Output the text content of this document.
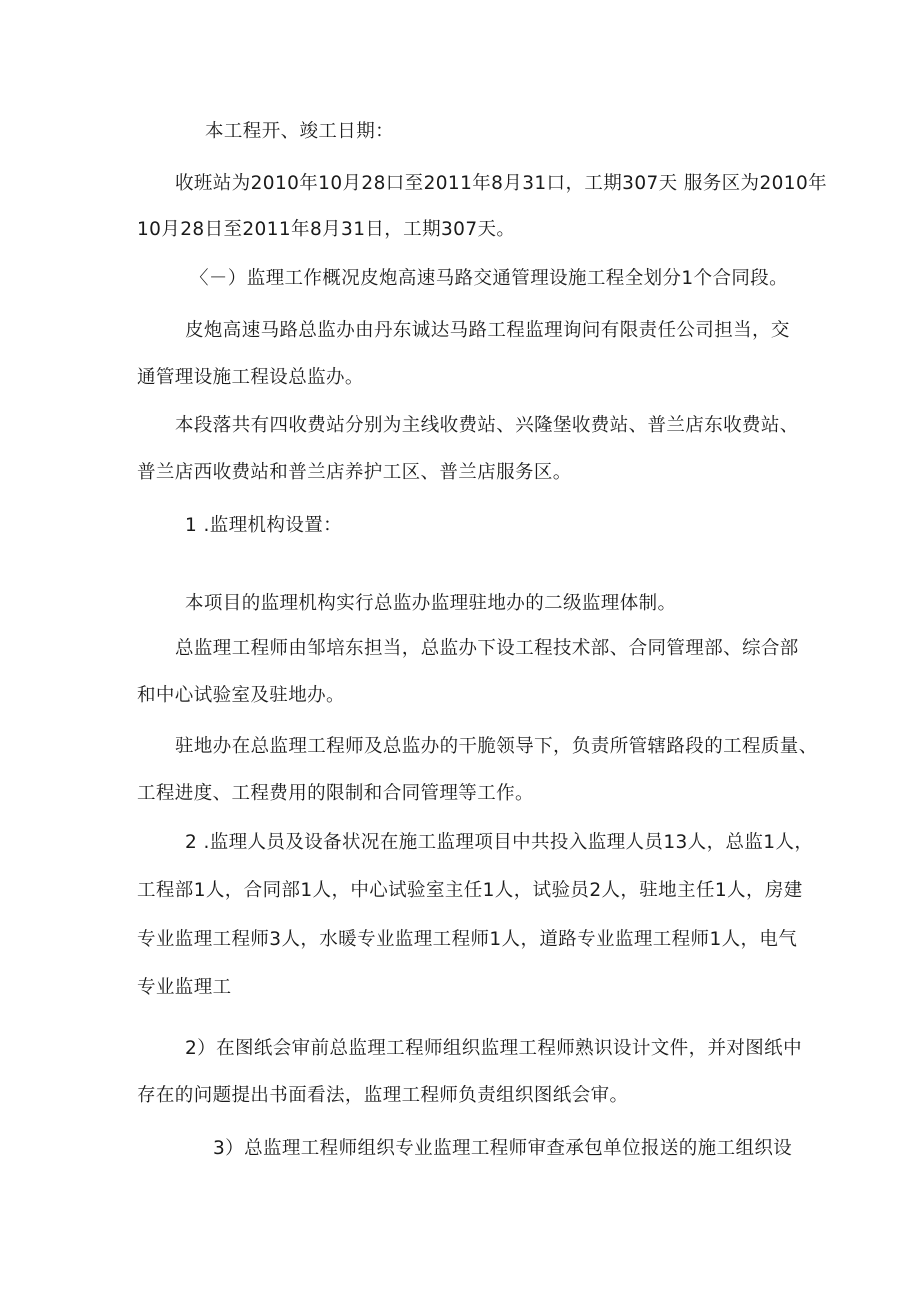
本工程开、竣工日期：
收班站为2010年10月28口至2011年8月31口，工期307天 服务区为2010年
10月28日至2011年8月31日，工期307天。
〈－）监理工作概况皮炮高速马路交通管理设施工程全划分1个合同段。
皮炮高速马路总监办由丹东诚达马路工程监理询问有限责任公司担当，交
通管理设施工程设总监办。
本段落共有四收费站分别为主线收费站、兴隆堡收费站、普兰店东收费站、
普兰店西收费站和普兰店养护工区、普兰店服务区。
1 .监理机构设置：
本项目的监理机构实行总监办监理驻地办的二级监理体制。
总监理工程师由邹培东担当，总监办下设工程技术部、合同管理部、综合部
和中心试验室及驻地办。
驻地办在总监理工程师及总监办的干脆领导下，负责所管辖路段的工程质量、
工程进度、工程费用的限制和合同管理等工作。
2 .监理人员及设备状况在施工监理项目中共投入监理人员13人，总监1人，
工程部1人，合同部1人，中心试验室主任1人，试验员2人，驻地主任1人，房建
专业监理工程师3人，水暖专业监理工程师1人，道路专业监理工程师1人，电气
专业监理工
2）在图纸会审前总监理工程师组织监理工程师熟识设计文件，并对图纸中
存在的问题提出书面看法，监理工程师负责组织图纸会审。
3）总监理工程师组织专业监理工程师审查承包单位报送的施工组织设
